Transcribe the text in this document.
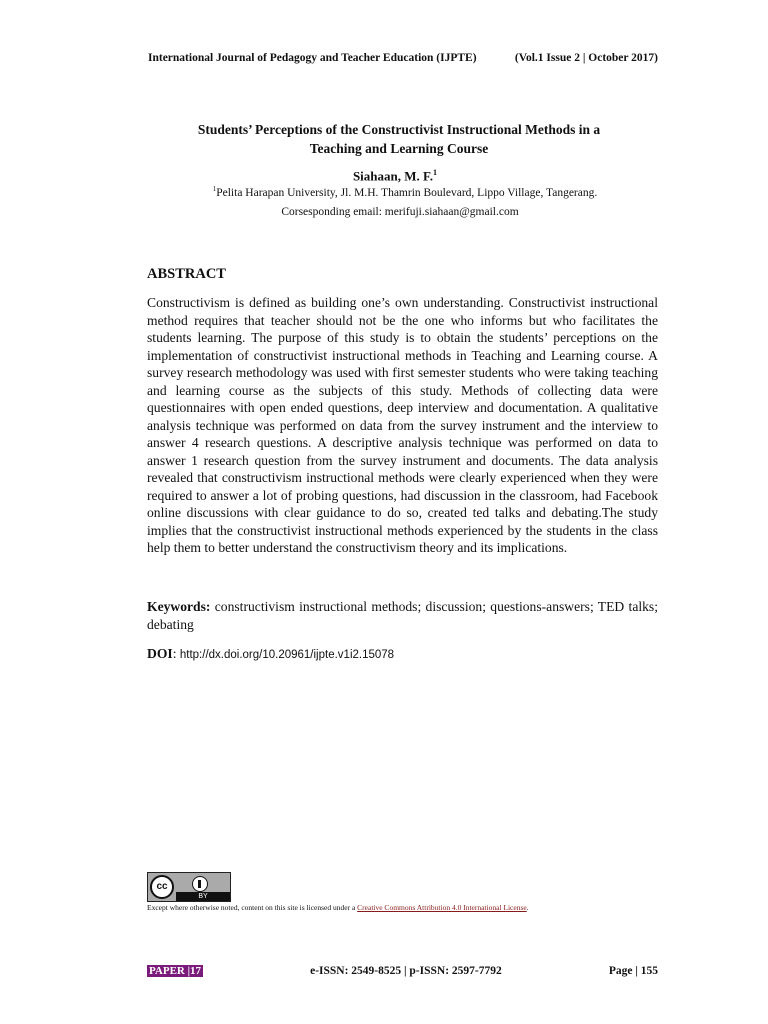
International Journal of Pedagogy and Teacher Education (IJPTE)	(Vol.1 Issue 2 | October 2017)
Students’ Perceptions of the Constructivist Instructional Methods in a
Teaching and Learning Course
Siahaan, M. F.$^1$
$^1$Pelita Harapan University, Jl. M.H. Thamrin Boulevard, Lippo Village, Tangerang.
Corsesponding email: merifuji.siahaan@gmail.com
ABSTRACT

Constructivism is defined as building one’s own understanding. Constructivist instructional method requires that teacher should not be the one who informs but who facilitates the students learning. The purpose of this study is to obtain the students’ perceptions on the implementation of constructivist instructional methods in Teaching and Learning course. A survey research methodology was used with first semester students who were taking teaching and learning course as the subjects of this study. Methods of collecting data were questionnaires with open ended questions, deep interview and documentation. A qualitative analysis technique was performed on data from the survey instrument and the interview to answer 4 research questions. A descriptive analysis technique was performed on data to answer 1 research question from the survey instrument and documents. The data analysis revealed that constructivism instructional methods were clearly experienced when they were required to answer a lot of probing questions, had discussion in the classroom, had Facebook online discussions with clear guidance to do so, created ted talks and debating.The study implies that the constructivist instructional methods experienced by the students in the class help them to better understand the constructivism theory and its implications.

Keywords: constructivism instructional methods; discussion; questions-answers; TED talks; debating
DOI: http://dx.doi.org/10.20961/ijpte.v1i2.15078
cc
BY
Except where otherwise noted, content on this site is licensed under a Creative Commons Attribution 4.0 International License.
PAPER |17	e-ISSN: 2549-8525 | p-ISSN: 2597-7792	Page | 155
